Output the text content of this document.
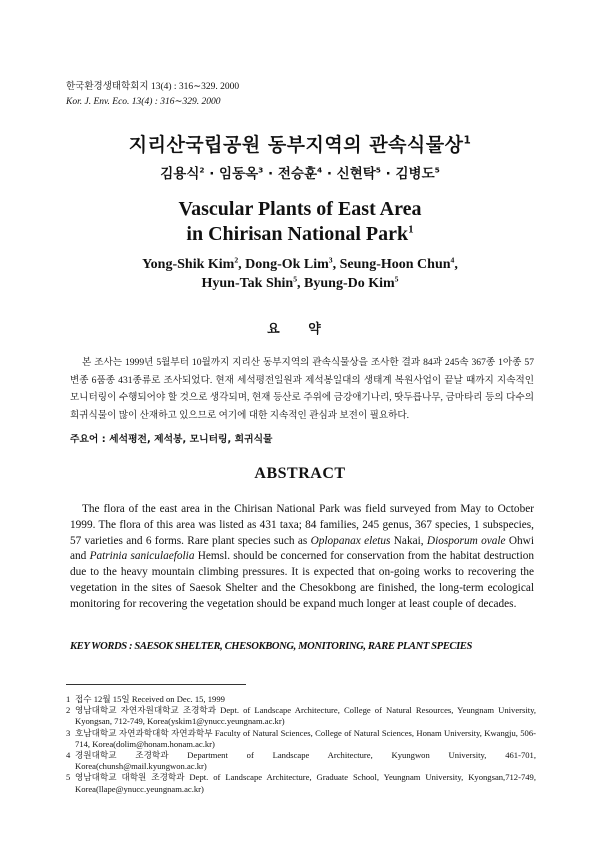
한국환경생태학회지 13(4) : 316∼329. 2000
Kor. J. Env. Eco. 13(4) : 316∼329. 2000
지리산국립공원 동부지역의 관속식물상$^1$
김용식$^2$ · 임동옥$^3$ · 전승훈$^4$ · 신현탁$^5$ · 김병도$^5$
Vascular Plants of East Area
in Chirisan National Park$^1$
Yong-Shik Kim$^2$, Dong-Ok Lim$^3$, Seung-Hoon Chun$^4$,
Hyun-Tak Shin$^5$, Byung-Do Kim$^5$
요 약
본 조사는 1999년 5월부터 10월까지 지리산 동부지역의 관속식물상을 조사한 결과 84과 245속 367종 1아종 57변종 6품종 431종류로 조사되었다. 현재 세석평전일원과 제석봉일대의 생태계 복원사업이 끝날 때까지 지속적인 모니터링이 수행되어야 할 것으로 생각되며, 현재 등산로 주위에 금강애기나리, 땃두릅나무, 금마타리 등의 다수의 희귀식물이 많이 산재하고 있으므로 여기에 대한 지속적인 관심과 보전이 필요하다.
주요어 : 세석평전, 제석봉, 모니터링, 희귀식물
ABSTRACT
The flora of the east area in the Chirisan National Park was field surveyed from May to October 1999. The flora of this area was listed as 431 taxa; 84 families, 245 genus, 367 species, 1 subspecies, 57 varieties and 6 forms. Rare plant species such as Oplopanax eletus Nakai, Diosporum ovale Ohwi and Patrinia saniculaefolia Hemsl. should be concerned for conservation from the habitat destruction due to the heavy mountain climbing pressures. It is expected that on-going works to recovering the vegetation in the sites of Saesok Shelter and the Chesokbong are finished, the long-term ecological monitoring for recovering the vegetation should be expand much longer at least couple of decades.
KEY WORDS : SAESOK SHELTER, CHESOKBONG, MONITORING, RARE PLANT SPECIES
1 접수 12월 15일 Received on Dec. 15, 1999
2 영남대학교 자연자원대학교 조경학과 Dept. of Landscape Architecture, College of Natural Resources, Yeungnam University, Kyongsan, 712-749, Korea(yskim1@ynucc.yeungnam.ac.kr)
3 호남대학교 자연과학대학 자연과학부 Faculty of Natural Sciences, College of Natural Sciences, Honam University, Kwangju, 506-714, Korea(dolim@honam.honam.ac.kr)
4 경원대학교 조경학과 Department of Landscape Architecture, Kyungwon University, 461-701, Korea(chunsh@mail.kyungwon.ac.kr)
5 영남대학교 대학원 조경학과 Dept. of Landscape Architecture, Graduate School, Yeungnam University, Kyongsan,712-749, Korea(llape@ynucc.yeungnam.ac.kr)
